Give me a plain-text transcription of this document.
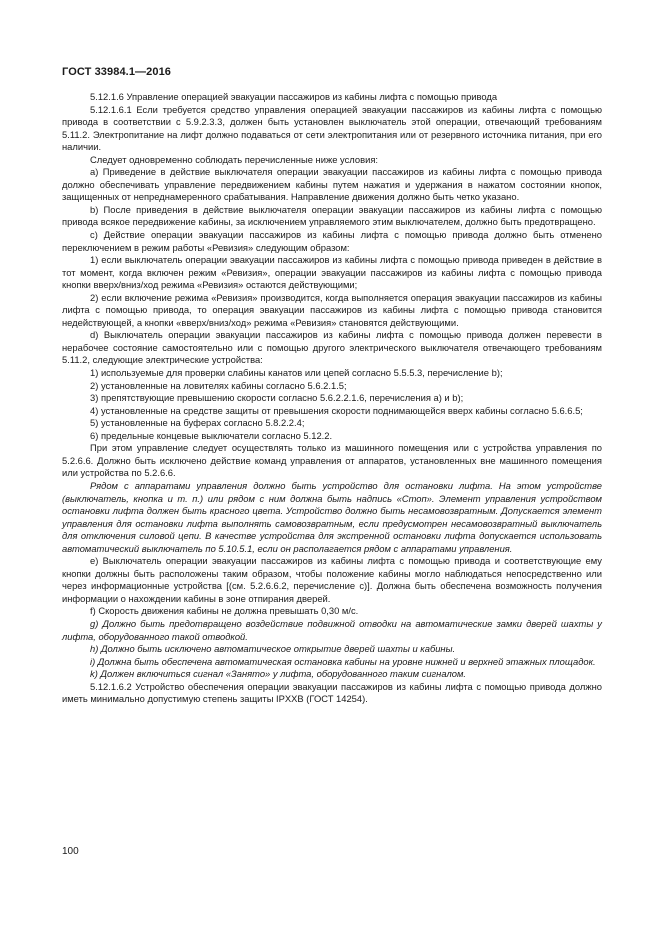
ГОСТ 33984.1—2016

5.12.1.6 Управление операцией эвакуации пассажиров из кабины лифта с помощью привода

5.12.1.6.1 Если требуется средство управления операцией эвакуации пассажиров из кабины лифта с помощью привода в соответствии с 5.9.2.3.3, должен быть установлен выключатель этой операции, отвечающий требованиям 5.11.2. Электропитание на лифт должно подаваться от сети электропитания или от резервного источника питания, при его наличии.

Следует одновременно соблюдать перечисленные ниже условия:

a) Приведение в действие выключателя операции эвакуации пассажиров из кабины лифта с помощью привода должно обеспечивать управление передвижением кабины путем нажатия и удержания в нажатом состоянии кнопок, защищенных от непреднамеренного срабатывания. Направление движения должно быть четко указано.

b) После приведения в действие выключателя операции эвакуации пассажиров из кабины лифта с помощью привода всякое передвижение кабины, за исключением управляемого этим выключателем, должно быть предотвращено.

c) Действие операции эвакуации пассажиров из кабины лифта с помощью привода должно быть отменено переключением в режим работы «Ревизия» следующим образом:

1) если выключатель операции эвакуации пассажиров из кабины лифта с помощью привода приведен в действие в тот момент, когда включен режим «Ревизия», операции эвакуации пассажиров из кабины лифта с помощью привода кнопки вверх/вниз/ход режима «Ревизия» остаются действующими;

2) если включение режима «Ревизия» производится, когда выполняется операция эвакуации пассажиров из кабины лифта с помощью привода, то операция эвакуации пассажиров из кабины лифта с помощью привода становится недействующей, а кнопки «вверх/вниз/ход» режима «Ревизия» становятся действующими.

d) Выключатель операции эвакуации пассажиров из кабины лифта с помощью привода должен перевести в нерабочее состояние самостоятельно или с помощью другого электрического выключателя отвечающего требованиям 5.11.2, следующие электрические устройства:

1) используемые для проверки слабины канатов или цепей согласно 5.5.5.3, перечисление b);

2) установленные на ловителях кабины согласно 5.6.2.1.5;

3) препятствующие превышению скорости согласно 5.6.2.2.1.6, перечисления a) и b);

4) установленные на средстве защиты от превышения скорости поднимающейся вверх кабины согласно 5.6.6.5;

5) установленные на буферах согласно 5.8.2.2.4;

6) предельные концевые выключатели согласно 5.12.2.

При этом управление следует осуществлять только из машинного помещения или с устройства управления по 5.2.6.6. Должно быть исключено действие команд управления от аппаратов, установленных вне машинного помещения или устройства по 5.2.6.6.

Рядом с аппаратами управления должно быть устройство для остановки лифта. На этом устройстве (выключатель, кнопка и т. п.) или рядом с ним должна быть надпись «Стоп». Элемент управления устройством остановки лифта должен быть красного цвета. Устройство должно быть несамовозвратным. Допускается элемент управления для остановки лифта выполнять самовозвратным, если предусмотрен несамовозвратный выключатель для отключения силовой цепи. В качестве устройства для экстренной остановки лифта допускается использовать автоматический выключатель по 5.10.5.1, если он располагается рядом с аппаратами управления.

e) Выключатель операции эвакуации пассажиров из кабины лифта с помощью привода и соответствующие ему кнопки должны быть расположены таким образом, чтобы положение кабины могло наблюдаться непосредственно или через информационные устройства [(см. 5.2.6.6.2, перечисление c)]. Должна быть обеспечена возможность получения информации о нахождении кабины в зоне отпирания дверей.

f) Скорость движения кабины не должна превышать 0,30 м/с.

g) Должно быть предотвращено воздействие подвижной отводки на автоматические замки дверей шахты у лифта, оборудованного такой отводкой.

h) Должно быть исключено автоматическое открытие дверей шахты и кабины.

i) Должна быть обеспечена автоматическая остановка кабины на уровне нижней и верхней этажных площадок.

k) Должен включиться сигнал «Занято» у лифта, оборудованного таким сигналом.

5.12.1.6.2 Устройство обеспечения операции эвакуации пассажиров из кабины лифта с помощью привода должно иметь минимально допустимую степень защиты IPXXB (ГОСТ 14254).

100
